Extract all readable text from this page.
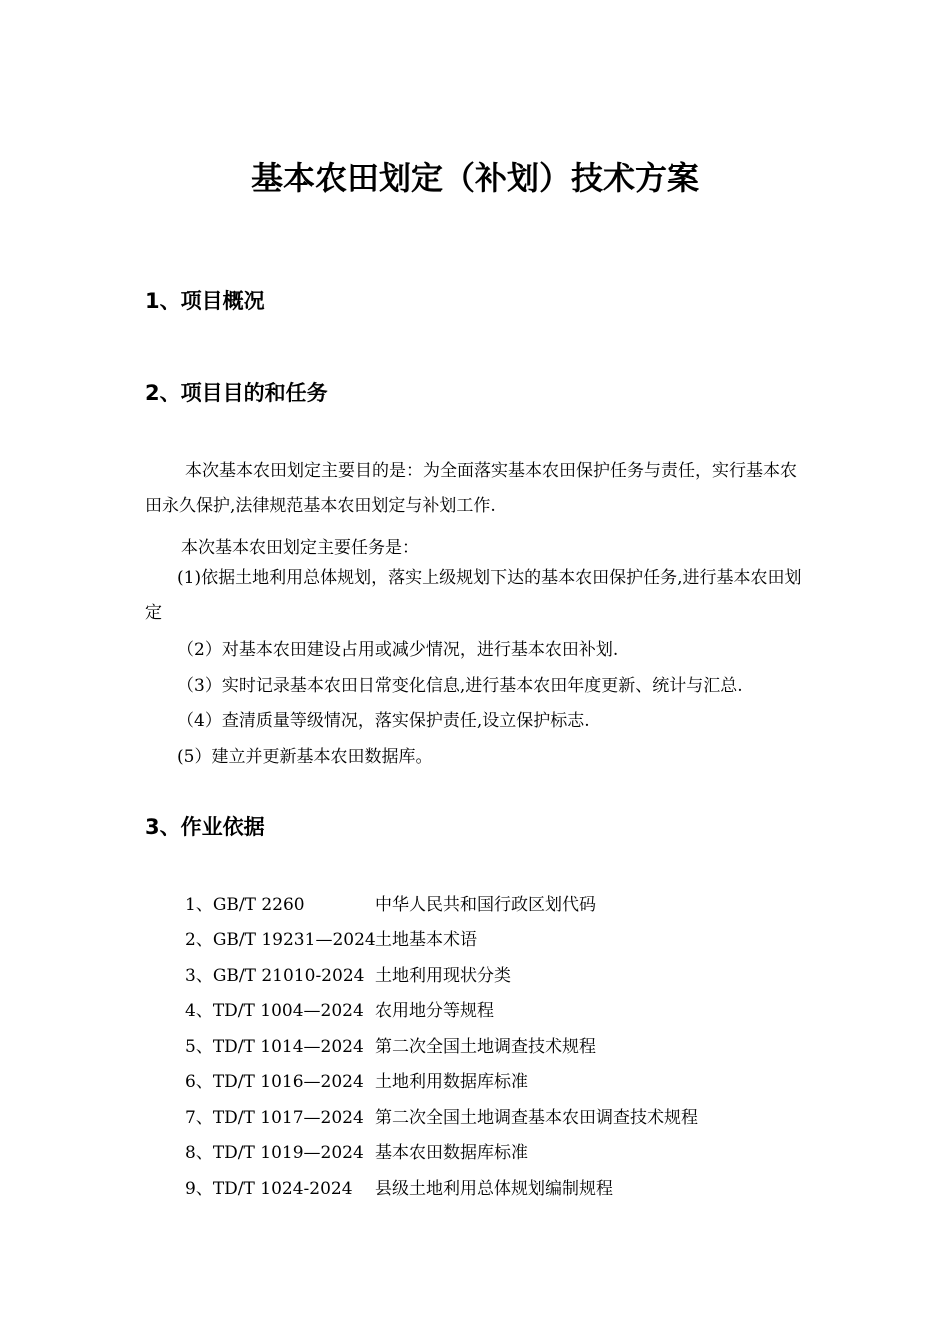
基本农田划定（补划）技术方案
1、项目概况
2、项目目的和任务

本次基本农田划定主要目的是：为全面落实基本农田保护任务与责任，实行基本农田永久保护,法律规范基本农田划定与补划工作.

本次基本农田划定主要任务是：

(1)依据土地利用总体规划，落实上级规划下达的基本农田保护任务,进行基本农田划定

（2）对基本农田建设占用或减少情况，进行基本农田补划.

（3）实时记录基本农田日常变化信息,进行基本农田年度更新、统计与汇总.

（4）查清质量等级情况，落实保护责任,设立保护标志.

(5）建立并更新基本农田数据库。

3、作业依据
1、GB/T 2260	中华人民共和国行政区划代码
2、GB/T 19231—2024土地基本术语
3、GB/T 21010-2024 土地利用现状分类
4、TD/T 1004—2024 农用地分等规程
5、TD/T 1014—2024 第二次全国土地调查技术规程
6、TD/T 1016—2024 土地利用数据库标准
7、TD/T 1017—2024 第二次全国土地调查基本农田调查技术规程
8、TD/T 1019—2024 基本农田数据库标准
9、TD/T 1024-2024 县级土地利用总体规划编制规程
